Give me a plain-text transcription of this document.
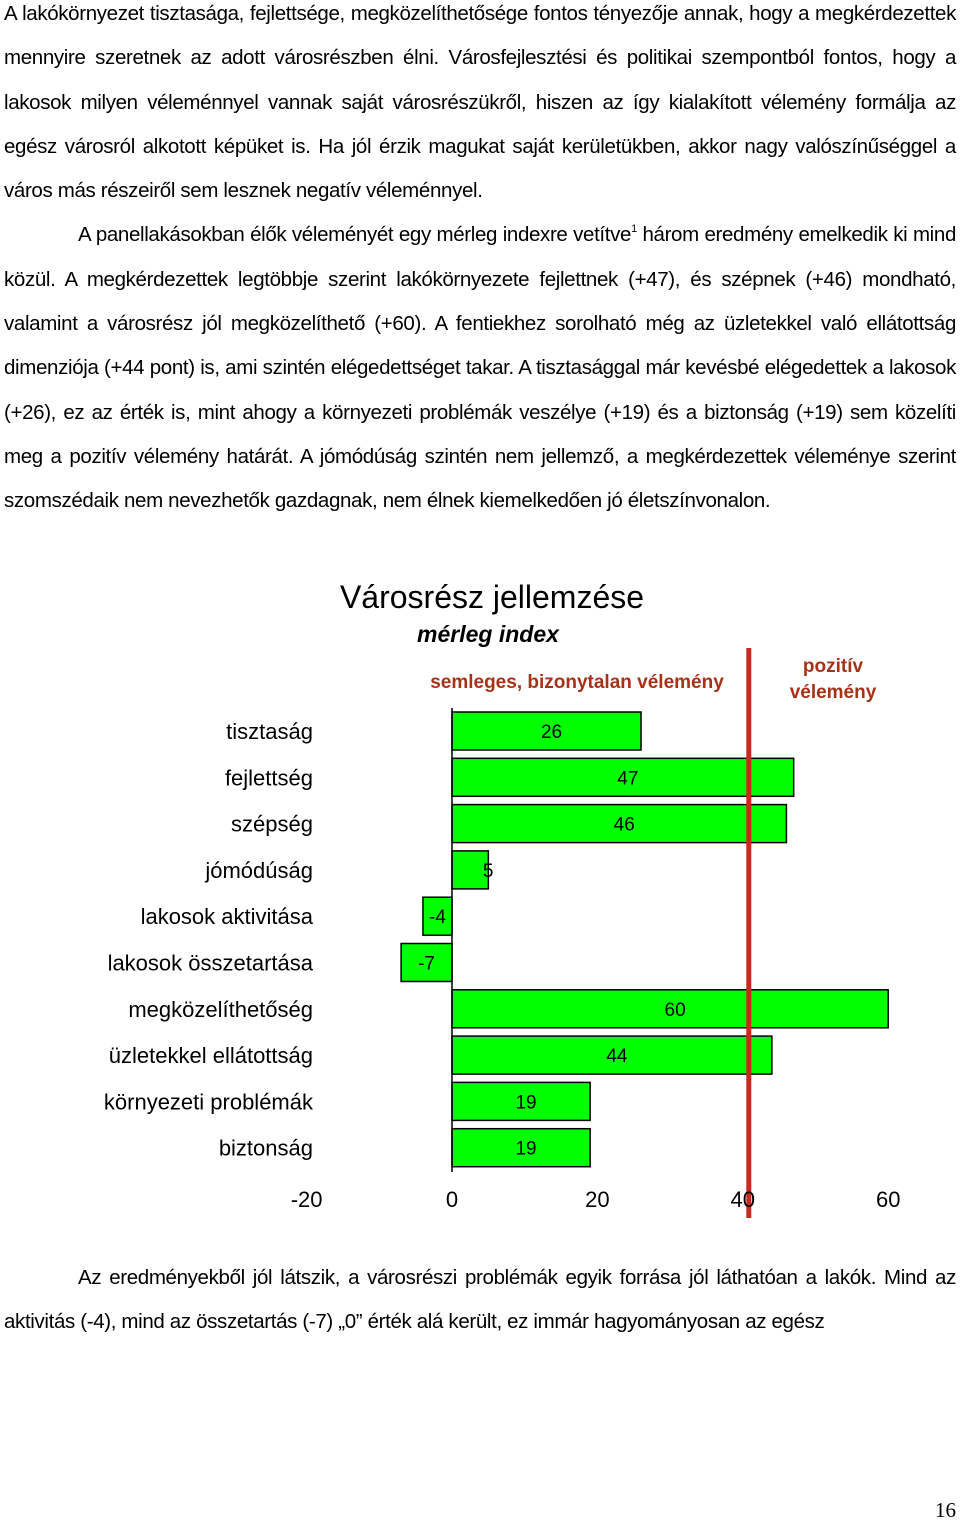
A lakókörnyezet tisztasága, fejlettsége, megközelíthetősége fontos tényezője annak, hogy a megkérdezettek mennyire szeretnek az adott városrészben élni. Városfejlesztési és politikai szempontból fontos, hogy a lakosok milyen véleménnyel vannak saját városrészükről, hiszen az így kialakított vélemény formálja az egész városról alkotott képüket is. Ha jól érzik magukat saját kerületükben, akkor nagy valószínűséggel a város más részeiről sem lesznek negatív véleménnyel.
A panellakásokban élők véleményét egy mérleg indexre vetítve$^1$ három eredmény emelkedik ki mind közül. A megkérdezettek legtöbbje szerint lakókörnyezete fejlettnek (+47), és szépnek (+46) mondható, valamint a városrész jól megközelíthető (+60). A fentiekhez sorolható még az üzletekkel való ellátottság dimenziója (+44 pont) is, ami szintén elégedettséget takar. A tisztasággal már kevésbé elégedettek a lakosok (+26), ez az érték is, mint ahogy a környezeti problémák veszélye (+19) és a biztonság (+19) sem közelíti meg a pozitív vélemény határát. A jómódúság szintén nem jellemző, a megkérdezettek véleménye szerint szomszédaik nem nevezhetők gazdagnak, nem élnek kiemelkedően jó életszínvonalon.

Városrész jellemzése
mérleg index
semleges, bizonytalan vélemény
pozitív
vélemény
tisztaság
fejlettség
szépség
jómódúság
lakosok aktivitása
lakosok összetartása
megközelíthetőség
üzletekkel ellátottság
környezeti problémák
biztonság
26
47
46
5
-4
-7
60
44
19
19
-20	0	20	40	60

Az eredményekből jól látszik, a városrészi problémák egyik forrása jól láthatóan a lakók. Mind az aktivitás (-4), mind az összetartás (-7) „0” érték alá került, ez immár hagyományosan az egész

16
